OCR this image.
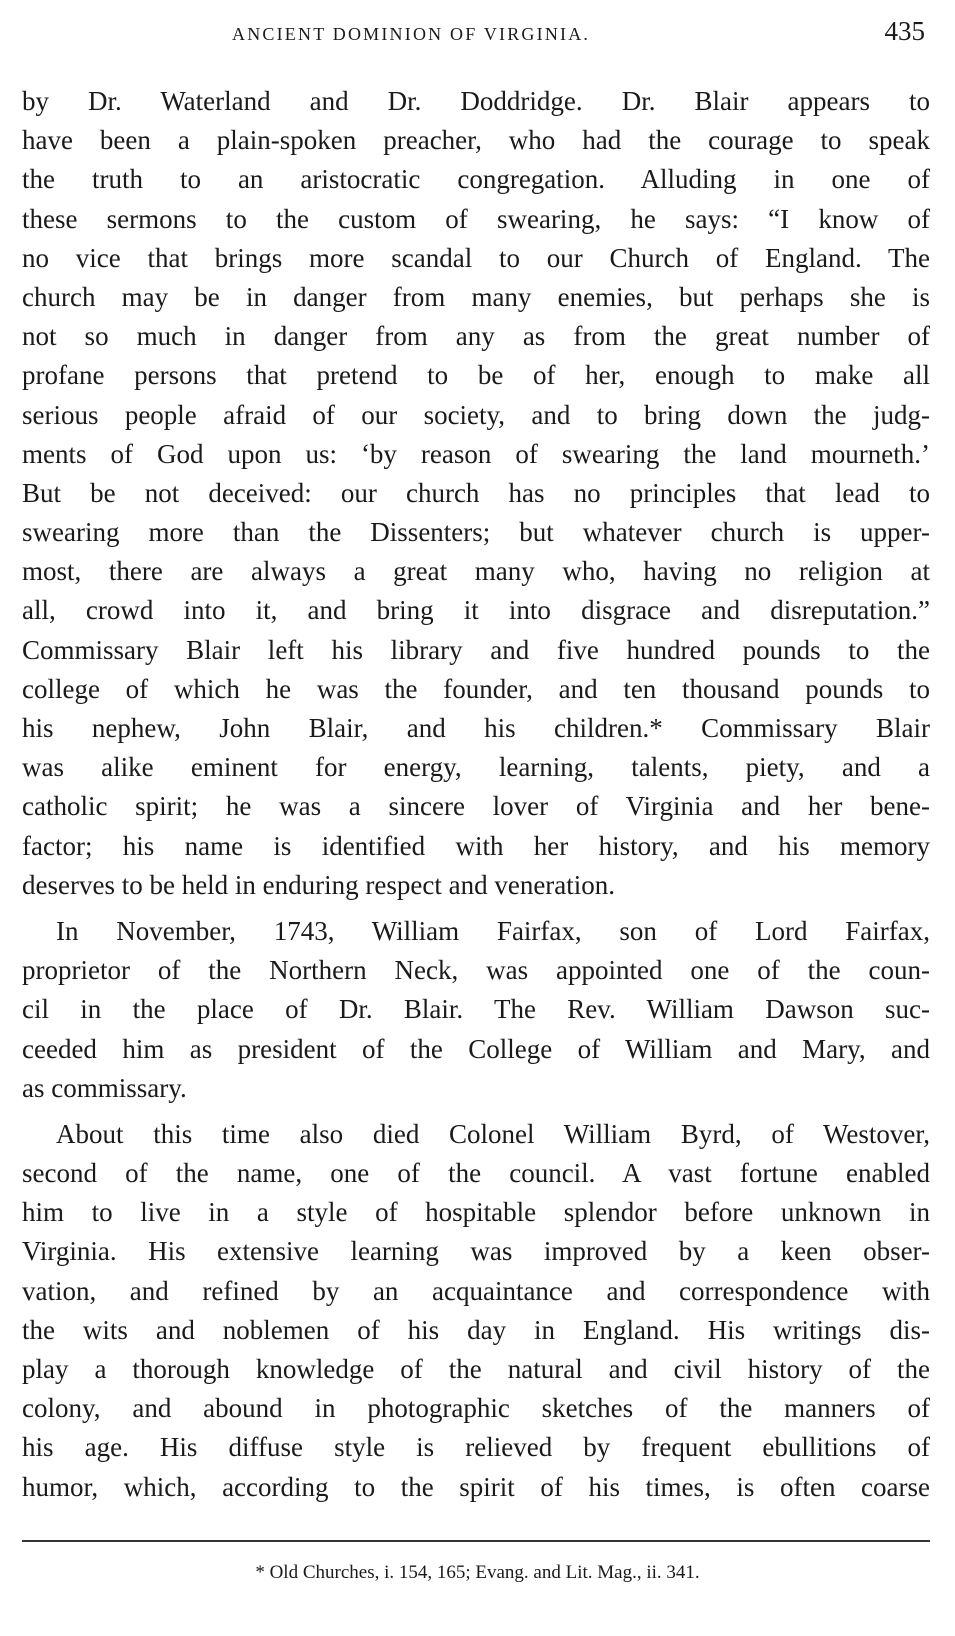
ANCIENT DOMINION OF VIRGINIA.	435
by Dr. Waterland and Dr. Doddridge. Dr. Blair appears to
have been a plain-spoken preacher, who had the courage to speak
the truth to an aristocratic congregation. Alluding in one of
these sermons to the custom of swearing, he says: “I know of
no vice that brings more scandal to our Church of England. The
church may be in danger from many enemies, but perhaps she is
not so much in danger from any as from the great number of
profane persons that pretend to be of her, enough to make all
serious people afraid of our society, and to bring down the judg-
ments of God upon us: ‘by reason of swearing the land mourneth.’
But be not deceived: our church has no principles that lead to
swearing more than the Dissenters; but whatever church is upper-
most, there are always a great many who, having no religion at
all, crowd into it, and bring it into disgrace and disreputation.”
Commissary Blair left his library and five hundred pounds to the
college of which he was the founder, and ten thousand pounds to
his nephew, John Blair, and his children.* Commissary Blair
was alike eminent for energy, learning, talents, piety, and a
catholic spirit; he was a sincere lover of Virginia and her bene-
factor; his name is identified with her history, and his memory
deserves to be held in enduring respect and veneration.
In November, 1743, William Fairfax, son of Lord Fairfax,
proprietor of the Northern Neck, was appointed one of the coun-
cil in the place of Dr. Blair. The Rev. William Dawson suc-
ceeded him as president of the College of William and Mary, and
as commissary.
About this time also died Colonel William Byrd, of Westover,
second of the name, one of the council. A vast fortune enabled
him to live in a style of hospitable splendor before unknown in
Virginia. His extensive learning was improved by a keen obser-
vation, and refined by an acquaintance and correspondence with
the wits and noblemen of his day in England. His writings dis-
play a thorough knowledge of the natural and civil history of the
colony, and abound in photographic sketches of the manners of
his age. His diffuse style is relieved by frequent ebullitions of
humor, which, according to the spirit of his times, is often coarse
* Old Churches, i. 154, 165; Evang. and Lit. Mag., ii. 341.
